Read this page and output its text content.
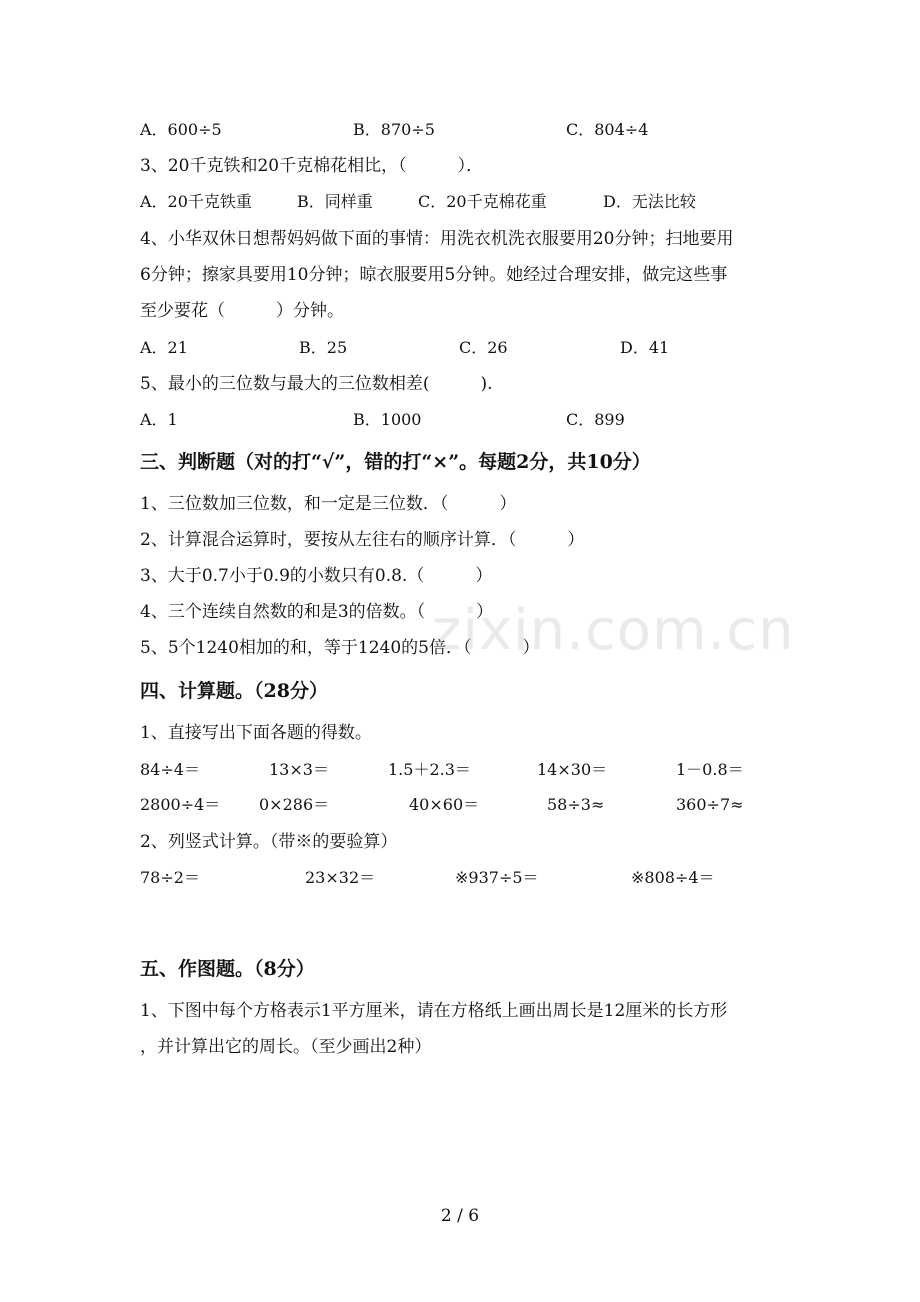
A．600÷5	B．870÷5	C．804÷4
3、20千克铁和20千克棉花相比，（　　　）．
A．20千克铁重	B．同样重	C．20千克棉花重	D．无法比较
4、小华双休日想帮妈妈做下面的事情：用洗衣机洗衣服要用20分钟；扫地要用
6分钟；擦家具要用10分钟；晾衣服要用5分钟。她经过合理安排，做完这些事
至少要花（　　　）分钟。
A．21	B．25	C．26	D．41
5、最小的三位数与最大的三位数相差(　　　).
A．1	B．1000	C．899
三、判断题（对的打“√”，错的打“×”。每题2分，共10分）
1、三位数加三位数，和一定是三位数．（　　　）
2、计算混合运算时，要按从左往右的顺序计算．（　　　）
3、大于0.7小于0.9的小数只有0.8.（　　　）
4、三个连续自然数的和是3的倍数。（　　　）
5、5个1240相加的和，等于1240的5倍．（　　　）
四、计算题。（28分）
1、直接写出下面各题的得数。
84÷4＝	13×3＝	1.5＋2.3＝	14×30＝	1－0.8＝
2800÷4＝ 0×286＝	40×60＝	58÷3≈	360÷7≈
2、列竖式计算。（带※的要验算）
78÷2＝	23×32＝	※937÷5＝	※808÷4＝
五、作图题。（8分）
1、下图中每个方格表示1平方厘米，请在方格纸上画出周长是12厘米的长方形
，并计算出它的周长。（至少画出2种）
zixin.com.cn
2 / 6
